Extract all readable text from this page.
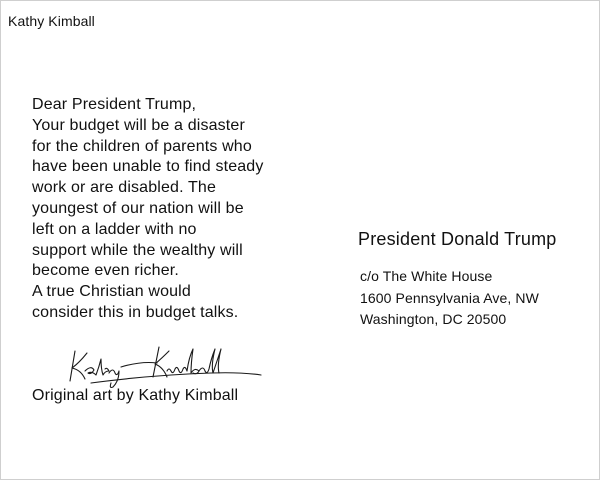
Kathy Kimball
Dear President Trump,
Your budget will be a disaster
for the children of parents who
have been unable to find steady
work or are disabled. The
youngest of our nation will be
left on a ladder with no
support while the wealthy will
become even richer.
A true Christian would
consider this in budget talks.
Original art by Kathy Kimball
President Donald Trump
c/o The White House
1600 Pennsylvania Ave, NW
Washington, DC 20500
